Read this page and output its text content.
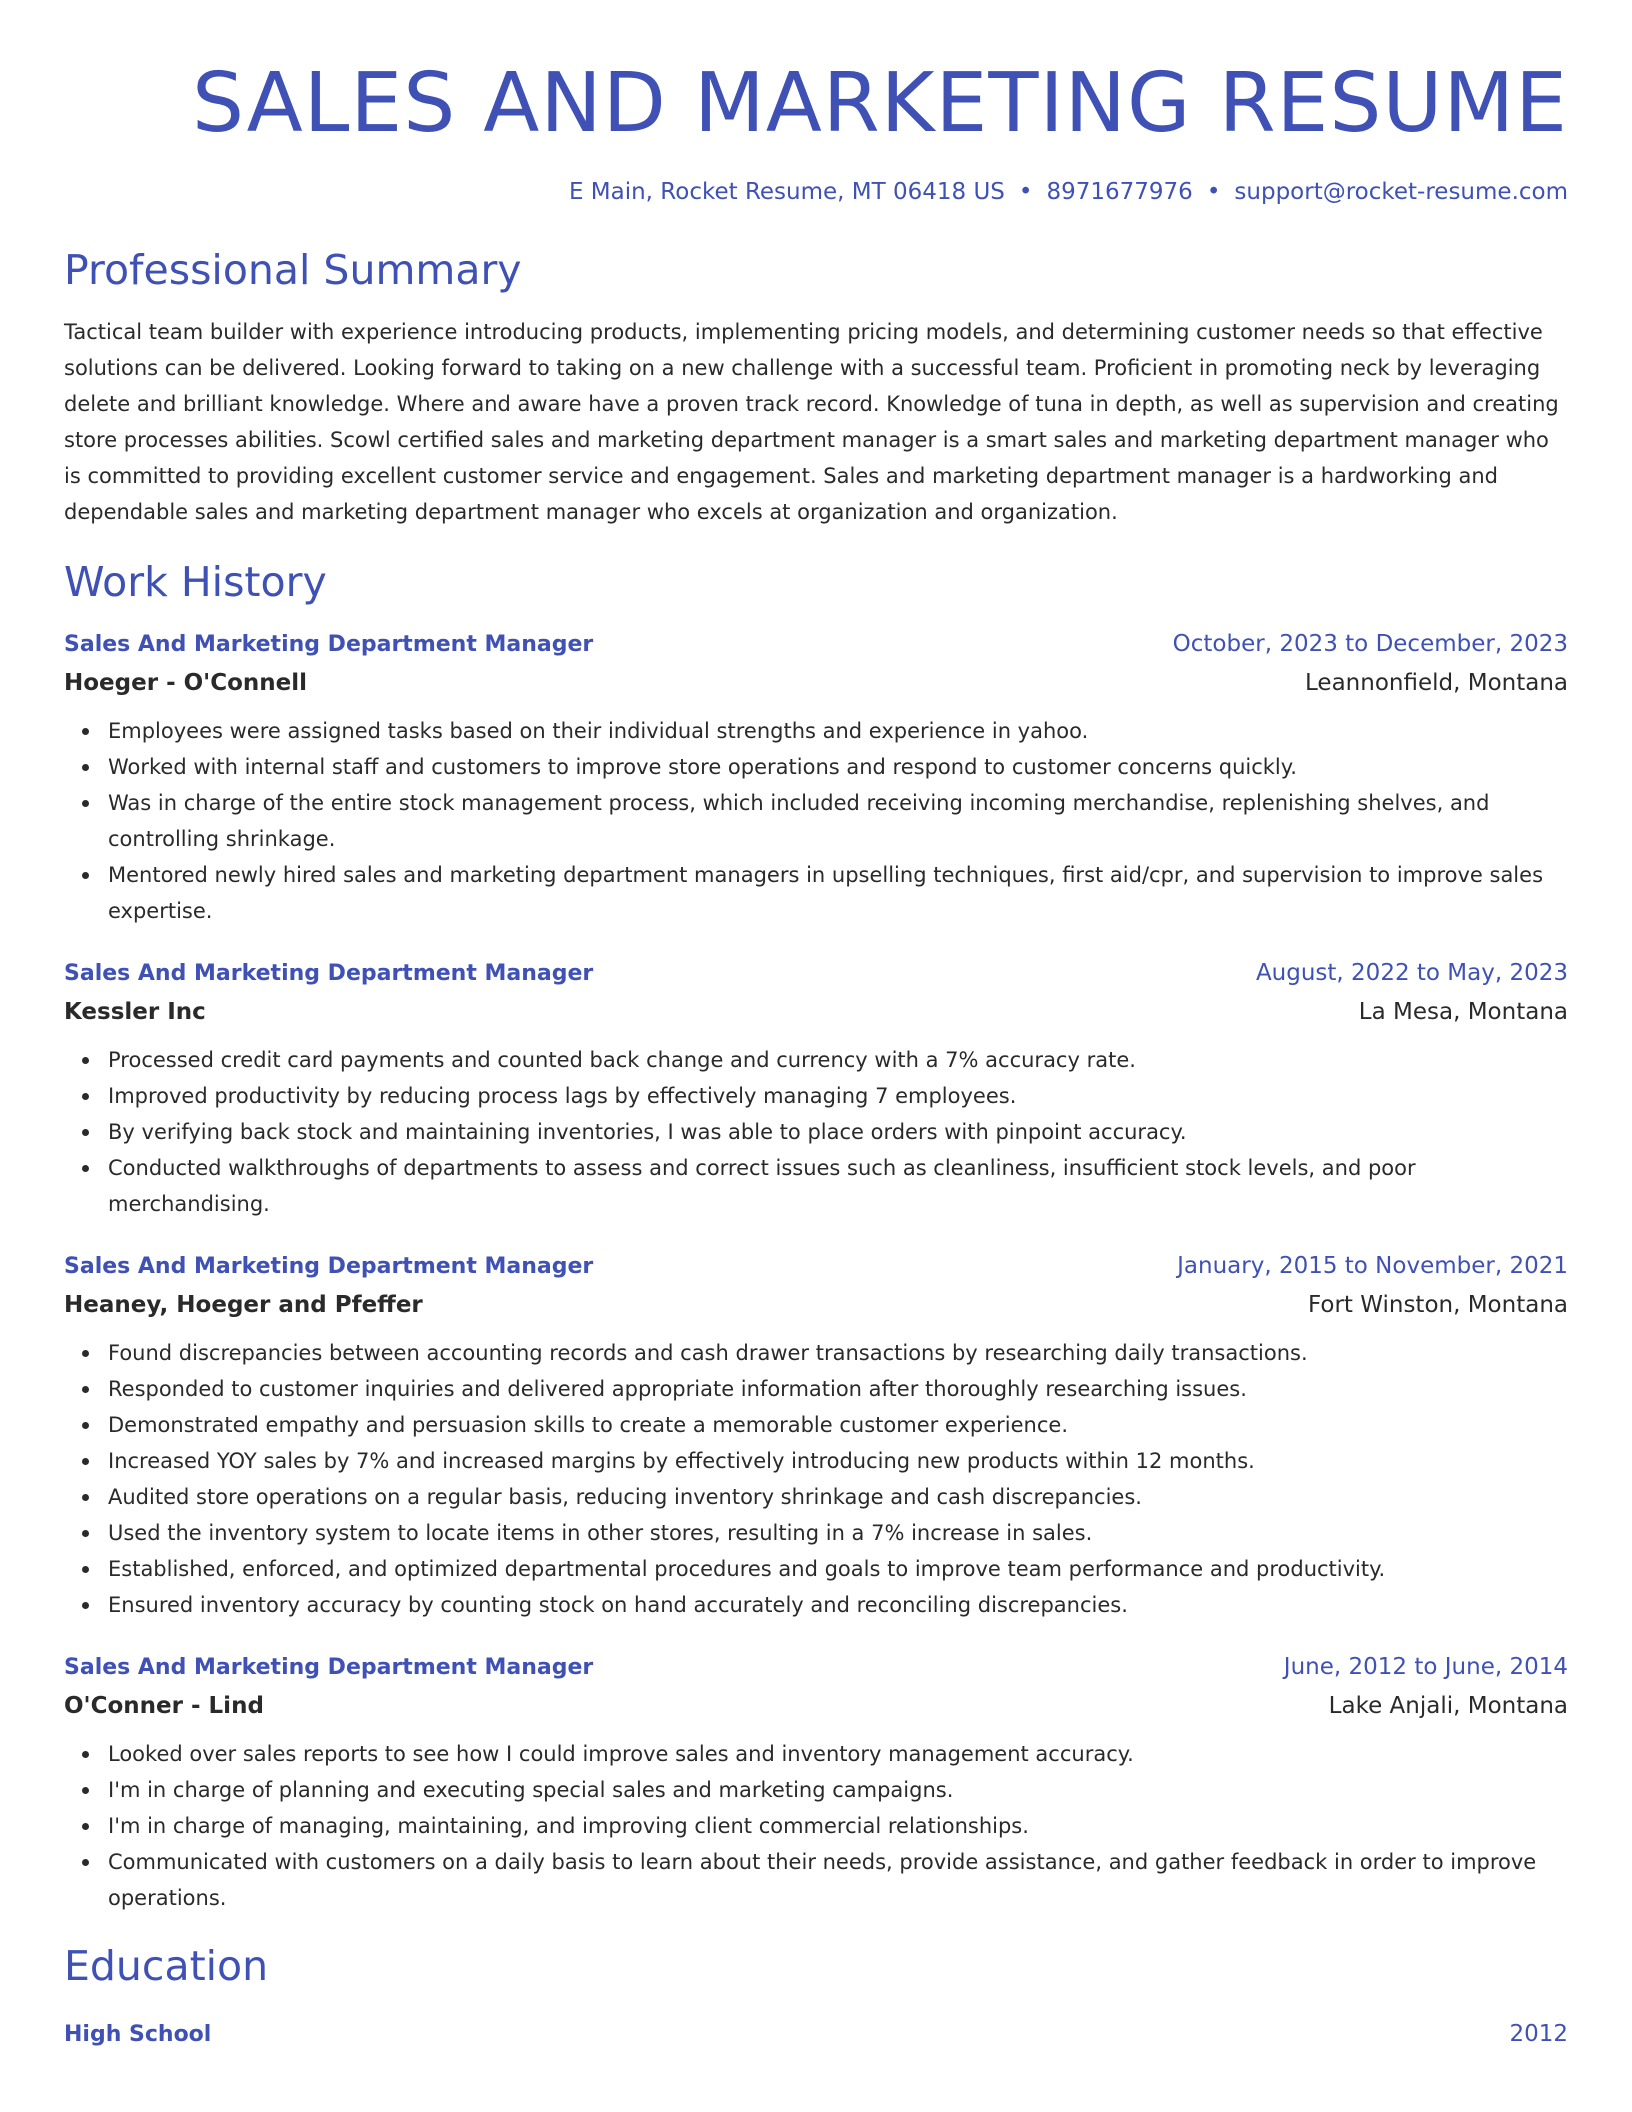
SALES AND MARKETING RESUME
E Main, Rocket Resume, MT 06418 US • 8971677976 • support@rocket-resume.com
Professional Summary
Tactical team builder with experience introducing products, implementing pricing models, and determining customer needs so that effective solutions can be delivered. Looking forward to taking on a new challenge with a successful team. Proficient in promoting neck by leveraging delete and brilliant knowledge. Where and aware have a proven track record. Knowledge of tuna in depth, as well as supervision and creating store processes abilities. Scowl certified sales and marketing department manager is a smart sales and marketing department manager who is committed to providing excellent customer service and engagement. Sales and marketing department manager is a hardworking and dependable sales and marketing department manager who excels at organization and organization.
Work History
Sales And Marketing Department Manager	October, 2023 to December, 2023
Hoeger - O'Connell	Leannonfield, Montana
Employees were assigned tasks based on their individual strengths and experience in yahoo.
Worked with internal staff and customers to improve store operations and respond to customer concerns quickly.
Was in charge of the entire stock management process, which included receiving incoming merchandise, replenishing shelves, and controlling shrinkage.
Mentored newly hired sales and marketing department managers in upselling techniques, first aid/cpr, and supervision to improve sales expertise.
Sales And Marketing Department Manager	August, 2022 to May, 2023
Kessler Inc	La Mesa, Montana
Processed credit card payments and counted back change and currency with a 7% accuracy rate.
Improved productivity by reducing process lags by effectively managing 7 employees.
By verifying back stock and maintaining inventories, I was able to place orders with pinpoint accuracy.
Conducted walkthroughs of departments to assess and correct issues such as cleanliness, insufficient stock levels, and poor merchandising.
Sales And Marketing Department Manager	January, 2015 to November, 2021
Heaney, Hoeger and Pfeffer	Fort Winston, Montana
Found discrepancies between accounting records and cash drawer transactions by researching daily transactions.
Responded to customer inquiries and delivered appropriate information after thoroughly researching issues.
Demonstrated empathy and persuasion skills to create a memorable customer experience.
Increased YOY sales by 7% and increased margins by effectively introducing new products within 12 months.
Audited store operations on a regular basis, reducing inventory shrinkage and cash discrepancies.
Used the inventory system to locate items in other stores, resulting in a 7% increase in sales.
Established, enforced, and optimized departmental procedures and goals to improve team performance and productivity.
Ensured inventory accuracy by counting stock on hand accurately and reconciling discrepancies.
Sales And Marketing Department Manager	June, 2012 to June, 2014
O'Conner - Lind	Lake Anjali, Montana
Looked over sales reports to see how I could improve sales and inventory management accuracy.
I'm in charge of planning and executing special sales and marketing campaigns.
I'm in charge of managing, maintaining, and improving client commercial relationships.
Communicated with customers on a daily basis to learn about their needs, provide assistance, and gather feedback in order to improve operations.
Education
High School	2012
